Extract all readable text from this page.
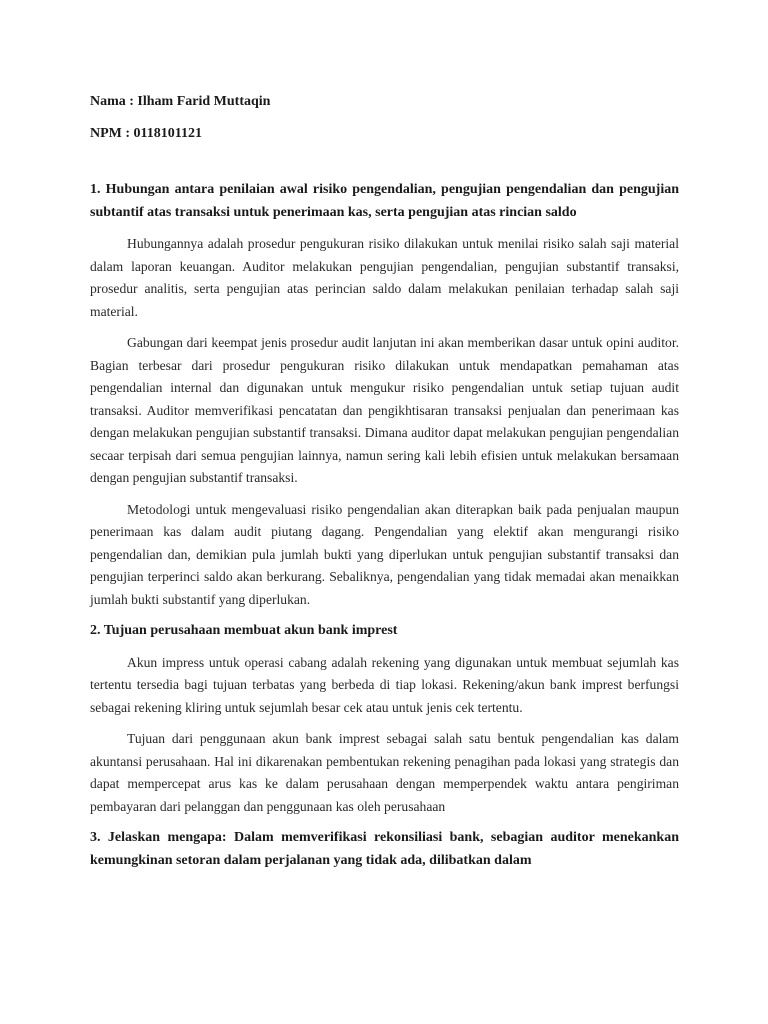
Nama : Ilham Farid Muttaqin

NPM : 0118101121

1. Hubungan antara penilaian awal risiko pengendalian, pengujian pengendalian dan pengujian subtantif atas transaksi untuk penerimaan kas, serta pengujian atas rincian saldo

Hubungannya adalah prosedur pengukuran risiko dilakukan untuk menilai risiko salah saji material dalam laporan keuangan. Auditor melakukan pengujian pengendalian, pengujian substantif transaksi, prosedur analitis, serta pengujian atas perincian saldo dalam melakukan penilaian terhadap salah saji material.

Gabungan dari keempat jenis prosedur audit lanjutan ini akan memberikan dasar untuk opini auditor. Bagian terbesar dari prosedur pengukuran risiko dilakukan untuk mendapatkan pemahaman atas pengendalian internal dan digunakan untuk mengukur risiko pengendalian untuk setiap tujuan audit transaksi. Auditor memverifikasi pencatatan dan pengikhtisaran transaksi penjualan dan penerimaan kas dengan melakukan pengujian substantif transaksi. Dimana auditor dapat melakukan pengujian pengendalian secaar terpisah dari semua pengujian lainnya, namun sering kali lebih efisien untuk melakukan bersamaan dengan pengujian substantif transaksi.

Metodologi untuk mengevaluasi risiko pengendalian akan diterapkan baik pada penjualan maupun penerimaan kas dalam audit piutang dagang. Pengendalian yang elektif akan mengurangi risiko pengendalian dan, demikian pula jumlah bukti yang diperlukan untuk pengujian substantif transaksi dan pengujian terperinci saldo akan berkurang. Sebaliknya, pengendalian yang tidak memadai akan menaikkan jumlah bukti substantif yang diperlukan.

2. Tujuan perusahaan membuat akun bank imprest

Akun impress untuk operasi cabang adalah rekening yang digunakan untuk membuat sejumlah kas tertentu tersedia bagi tujuan terbatas yang berbeda di tiap lokasi. Rekening/akun bank imprest berfungsi sebagai rekening kliring untuk sejumlah besar cek atau untuk jenis cek tertentu.

Tujuan dari penggunaan akun bank imprest sebagai salah satu bentuk pengendalian kas dalam akuntansi perusahaan. Hal ini dikarenakan pembentukan rekening penagihan pada lokasi yang strategis dan dapat mempercepat arus kas ke dalam perusahaan dengan memperpendek waktu antara pengiriman pembayaran dari pelanggan dan penggunaan kas oleh perusahaan

3. Jelaskan mengapa: Dalam memverifikasi rekonsiliasi bank, sebagian auditor menekankan kemungkinan setoran dalam perjalanan yang tidak ada, dilibatkan dalam
